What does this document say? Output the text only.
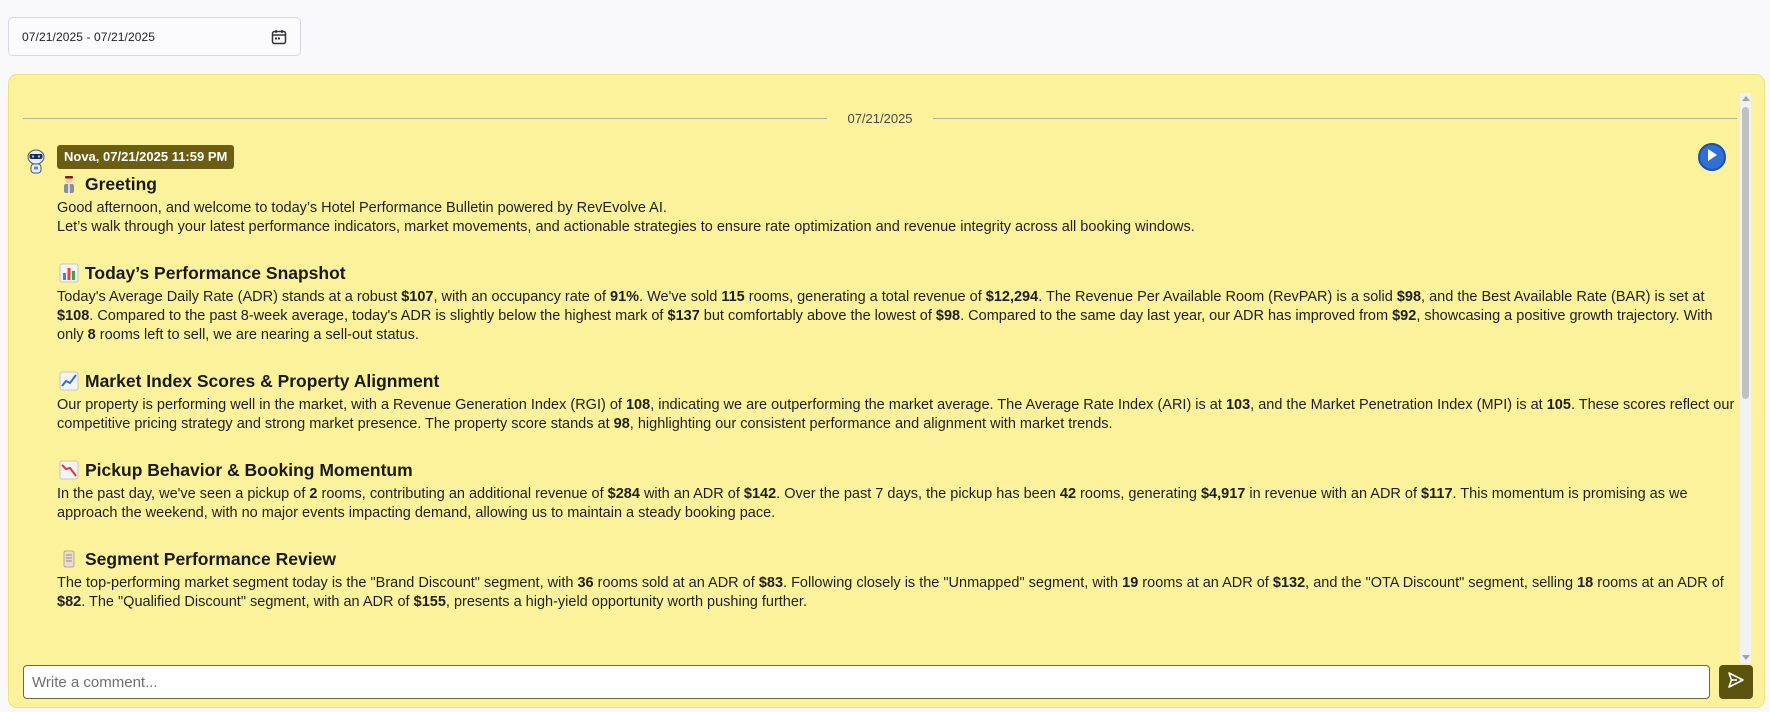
07/21/2025 - 07/21/2025
07/21/2025
Nova, 07/21/2025 11:59 PM
Greeting

Good afternoon, and welcome to today’s Hotel Performance Bulletin powered by RevEvolve AI.

Let’s walk through your latest performance indicators, market movements, and actionable strategies to ensure rate optimization and revenue integrity across all booking windows.

Today’s Performance Snapshot

Today's Average Daily Rate (ADR) stands at a robust $107, with an occupancy rate of 91%. We've sold 115 rooms, generating a total revenue of $12,294. The Revenue Per Available Room (RevPAR) is a solid $98, and the Best Available Rate (BAR) is set at $108. Compared to the past 8-week average, today's ADR is slightly below the highest mark of $137 but comfortably above the lowest of $98. Compared to the same day last year, our ADR has improved from $92, showcasing a positive growth trajectory. With only 8 rooms left to sell, we are nearing a sell-out status.

Market Index Scores & Property Alignment

Our property is performing well in the market, with a Revenue Generation Index (RGI) of 108, indicating we are outperforming the market average. The Average Rate Index (ARI) is at 103, and the Market Penetration Index (MPI) is at 105. These scores reflect our competitive pricing strategy and strong market presence. The property score stands at 98, highlighting our consistent performance and alignment with market trends.

Pickup Behavior & Booking Momentum

In the past day, we've seen a pickup of 2 rooms, contributing an additional revenue of $284 with an ADR of $142. Over the past 7 days, the pickup has been 42 rooms, generating $4,917 in revenue with an ADR of $117. This momentum is promising as we approach the weekend, with no major events impacting demand, allowing us to maintain a steady booking pace.

Segment Performance Review

The top-performing market segment today is the "Brand Discount" segment, with 36 rooms sold at an ADR of $83. Following closely is the "Unmapped" segment, with 19 rooms at an ADR of $132, and the "OTA Discount" segment, selling 18 rooms at an ADR of $82. The "Qualified Discount" segment, with an ADR of $155, presents a high-yield opportunity worth pushing further.

Write a comment...
